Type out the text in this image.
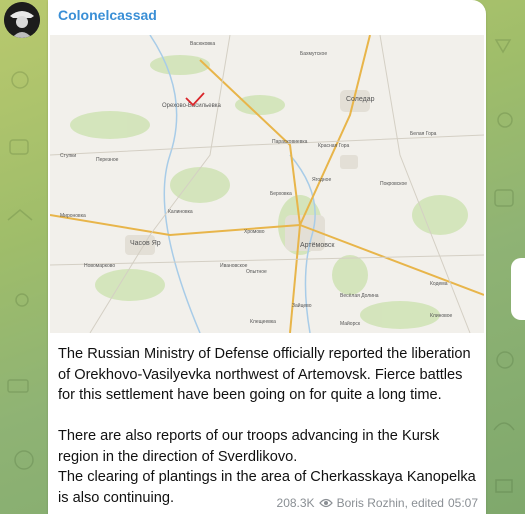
Colonelcassad
Орехово-Васильевка
Соледар
Часов Яр	Артёмовск
Парасковиевка
Клещеевка
Бахмутское
Зайцево
Красная Гора
Покровское
Берховка
Ягодное
Калиновка
Хромово
Ивановское
Опытное
Белая Гора
Весёлая Долина
Новомарково
Ступки
Кодема
Клиновое
Мироновка
Перезное
Васюковка
Майорск

The Russian Ministry of Defense officially reported the liberation of Orekhovo-Vasilyevka northwest of Artemovsk. Fierce battles for this settlement have been going on for quite a long time.

There are also reports of our troops advancing in the Kursk region in the direction of Sverdlikovo.

The clearing of plantings in the area of Cherkasskaya Kanopelka is also continuing.	208.3K Boris Rozhin, edited 05:07
